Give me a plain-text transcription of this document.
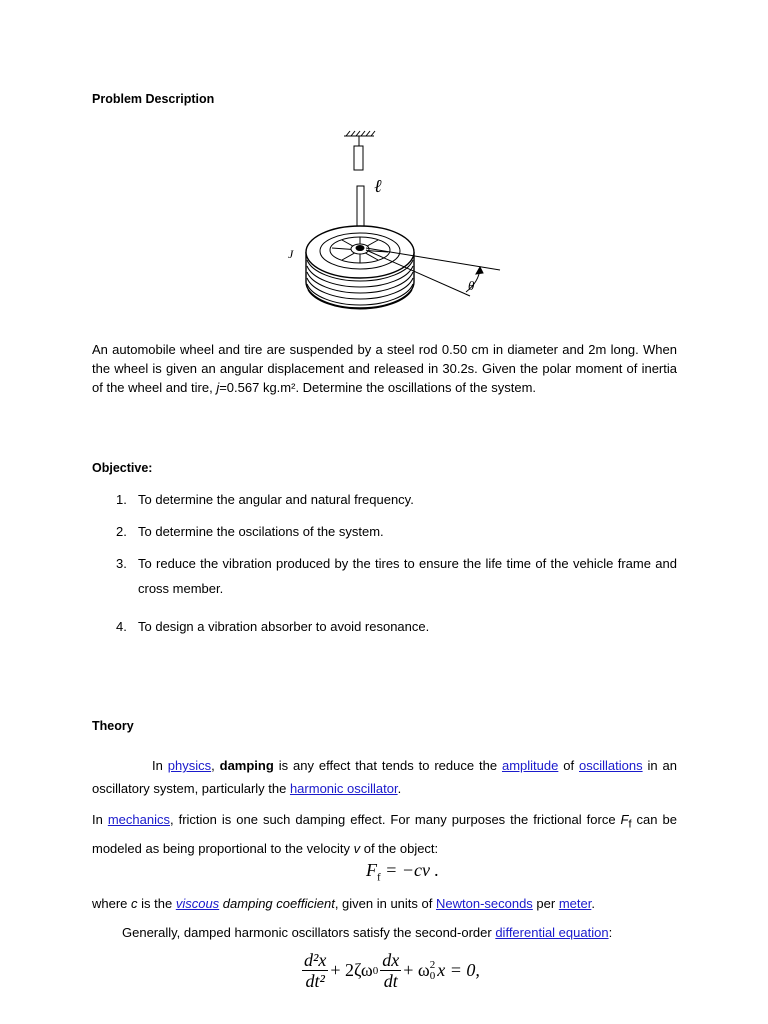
Problem Description
ℓ
J
θ
An automobile wheel and tire are suspended by a steel rod 0.50 cm in diameter and 2m long. When the wheel is given an angular displacement and released in 30.2s. Given the polar moment of inertia of the wheel and tire, j=0.567 kg.m². Determine the oscillations of the system.
Objective:
1. To determine the angular and natural frequency.
2. To determine the oscilations of the system.
3. To reduce the vibration produced by the tires to ensure the life time of the vehicle frame and cross member.
4. To design a vibration absorber to avoid resonance.
Theory
In physics, damping is any effect that tends to reduce the amplitude of oscillations in an oscillatory system, particularly the harmonic oscillator.
In mechanics, friction is one such damping effect. For many purposes the frictional force $F_f$ can be modeled as being proportional to the velocity v of the object:
$F_f = -cv$ .
where c is the viscous damping coefficient, given in units of Newton-seconds per meter.
Generally, damped harmonic oscillators satisfy the second-order differential equation:
$\frac{\text{d²x}}{\text{dt²}} + 2\zeta\omega$ $0 \frac{dx}{dt} + \omega$ 2
0 x = 0,
